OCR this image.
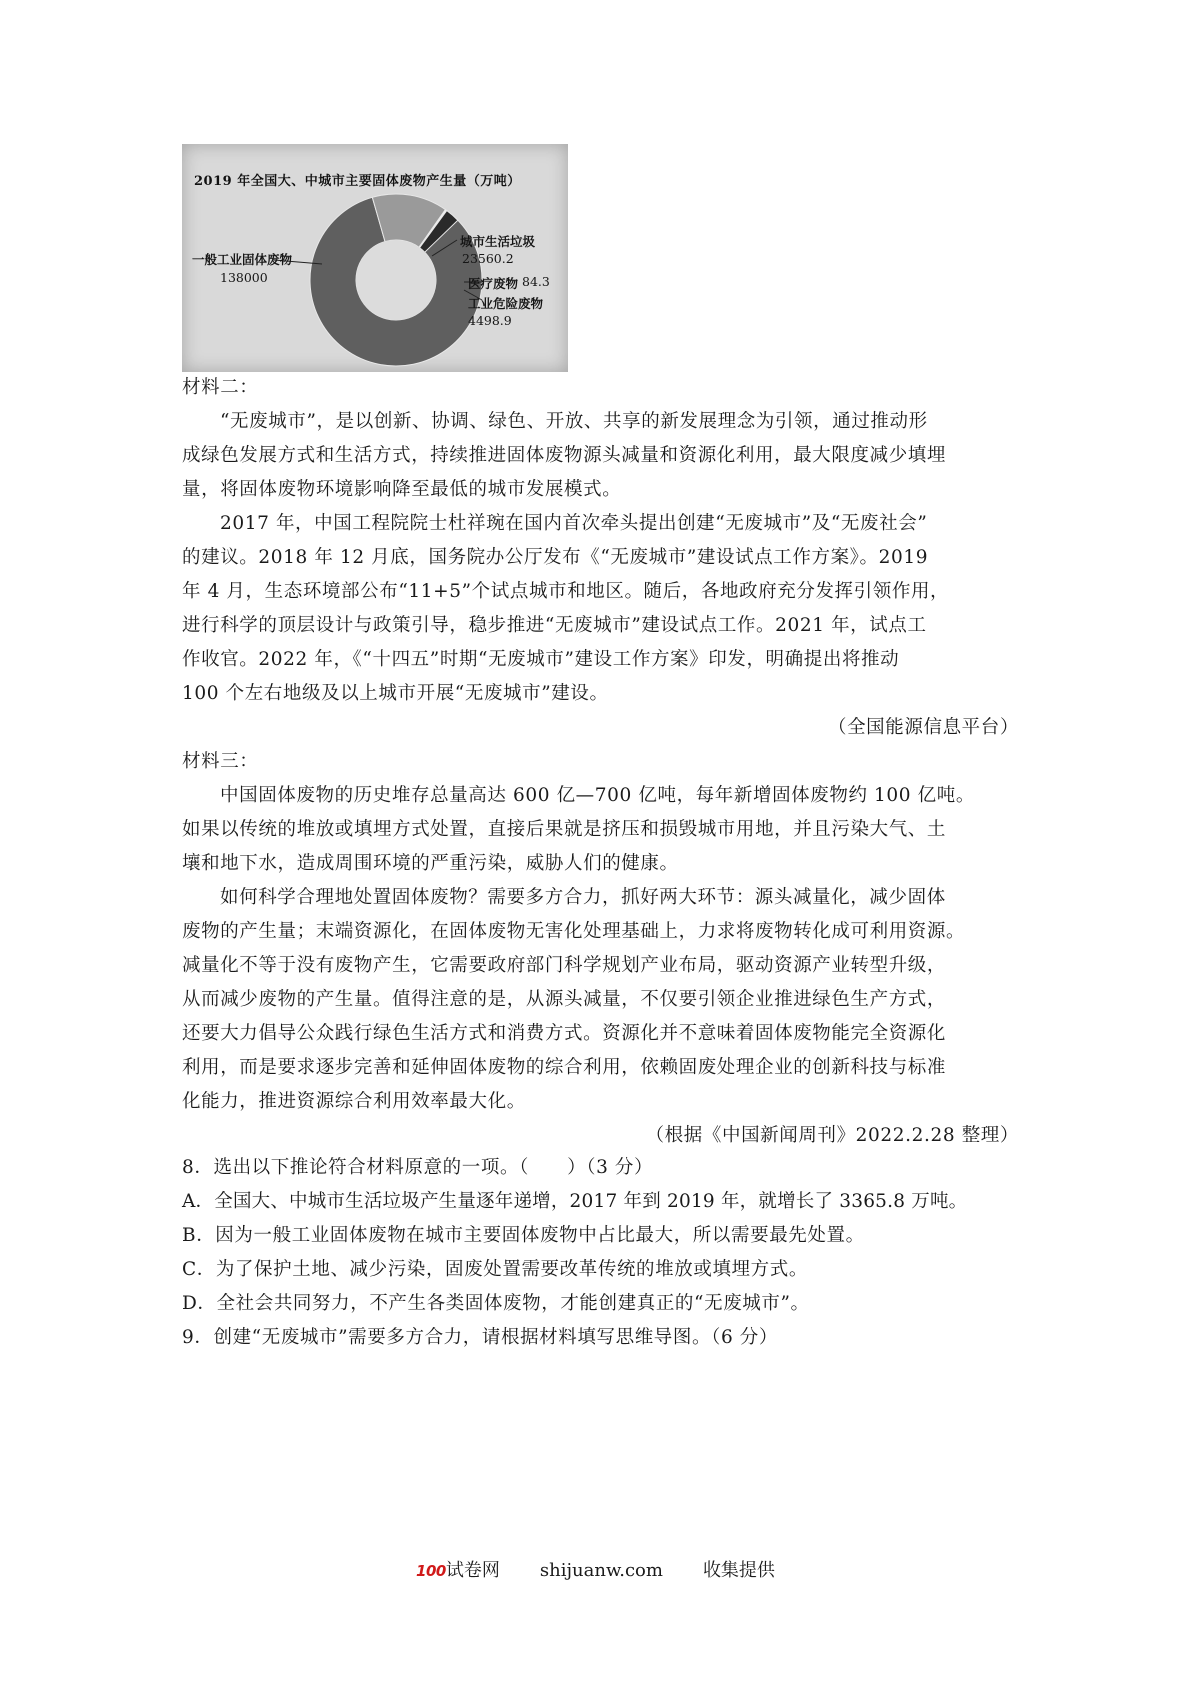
2019 年全国大、中城市主要固体废物产生量（万吨）
一般工业固体废物
138000
城市生活垃圾
23560.2
医疗废物 84.3
工业危险废物
4498.9
材料二：
“无废城市”，是以创新、协调、绿色、开放、共享的新发展理念为引领，通过推动形
成绿色发展方式和生活方式，持续推进固体废物源头减量和资源化利用，最大限度减少填埋
量，将固体废物环境影响降至最低的城市发展模式。
2017 年，中国工程院院士杜祥琬在国内首次牵头提出创建“无废城市”及“无废社会”
的建议。2018 年 12 月底，国务院办公厅发布《“无废城市”建设试点工作方案》。2019
年 4 月，生态环境部公布“11+5”个试点城市和地区。随后，各地政府充分发挥引领作用，
进行科学的顶层设计与政策引导，稳步推进“无废城市”建设试点工作。2021 年，试点工
作收官。2022 年，《“十四五”时期“无废城市”建设工作方案》印发，明确提出将推动
100 个左右地级及以上城市开展“无废城市”建设。
（全国能源信息平台）
材料三：
中国固体废物的历史堆存总量高达 600 亿—700 亿吨，每年新增固体废物约 100 亿吨。
如果以传统的堆放或填埋方式处置，直接后果就是挤压和损毁城市用地，并且污染大气、土
壤和地下水，造成周围环境的严重污染，威胁人们的健康。
如何科学合理地处置固体废物？需要多方合力，抓好两大环节：源头减量化，减少固体
废物的产生量；末端资源化，在固体废物无害化处理基础上，力求将废物转化成可利用资源。
减量化不等于没有废物产生，它需要政府部门科学规划产业布局，驱动资源产业转型升级，
从而减少废物的产生量。值得注意的是，从源头减量，不仅要引领企业推进绿色生产方式，
还要大力倡导公众践行绿色生活方式和消费方式。资源化并不意味着固体废物能完全资源化
利用，而是要求逐步完善和延伸固体废物的综合利用，依赖固废处理企业的创新科技与标准
化能力，推进资源综合利用效率最大化。
（根据《中国新闻周刊》2022.2.28 整理）
8．选出以下推论符合材料原意的一项。（　　）（3 分）
A．全国大、中城市生活垃圾产生量逐年递增，2017 年到 2019 年，就增长了 3365.8 万吨。
B．因为一般工业固体废物在城市主要固体废物中占比最大，所以需要最先处置。
C．为了保护土地、减少污染，固废处置需要改革传统的堆放或填埋方式。
D．全社会共同努力，不产生各类固体废物，才能创建真正的“无废城市”。
9．创建“无废城市”需要多方合力，请根据材料填写思维导图。（6 分）
100试卷网 shijuanw.com 收集提供
